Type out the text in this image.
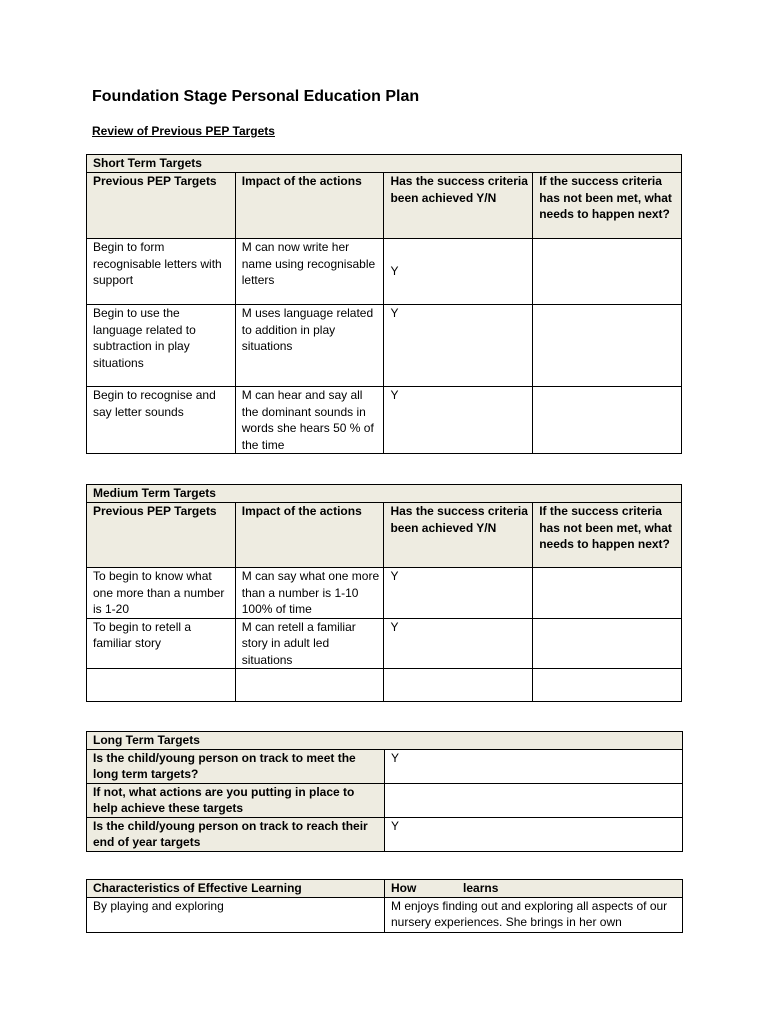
Foundation Stage Personal Education Plan
Review of Previous PEP Targets
Short Term Targets			
Previous PEP Targets	Impact of the actions	Has the success criteria been achieved Y/N	If the success criteria has not been met, what needs to happen next?
Begin to form recognisable letters with support	M can now write her name using recognisable letters	Y	
Begin to use the language related to subtraction in play situations	M uses language related to addition in play situations	Y	
Begin to recognise and say letter sounds	M can hear and say all the dominant sounds in words she hears 50 % of the time	Y	
Medium Term Targets			
Previous PEP Targets	Impact of the actions	Has the success criteria been achieved Y/N	If the success criteria has not been met, what needs to happen next?
To begin to know what one more than a number is 1-20	M can say what one more than a number is 1-10 100% of time	Y	
To begin to retell a familiar story	M can retell a familiar story in adult led situations	Y	

Long Term Targets	
Is the child/young person on track to meet the long term targets?	Y
If not, what actions are you putting in place to help achieve these targets	
Is the child/young person on track to reach their end of year targets	Y
Characteristics of Effective Learning	How              learns
By playing and exploring	M enjoys finding out and exploring all aspects of our nursery experiences. She brings in her own
